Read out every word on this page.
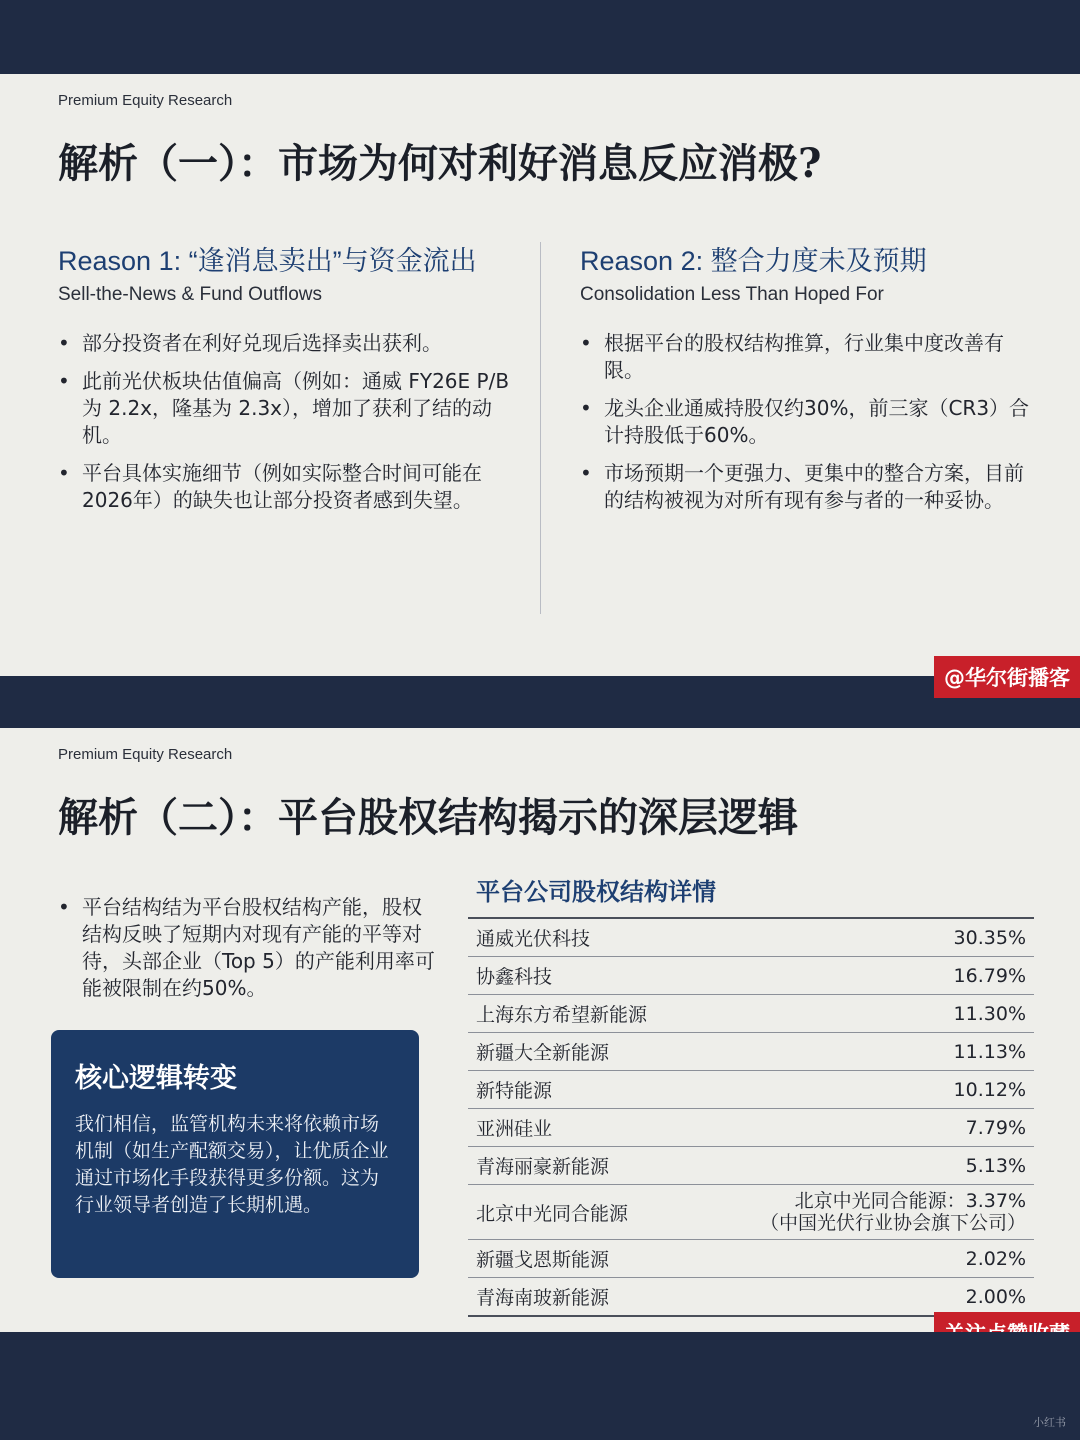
Premium Equity Research
解析（一）：市场为何对利好消息反应消极?
Reason 1: “逢消息卖出”与资金流出
Sell-the-News & Fund Outflows
• 部分投资者在利好兑现后选择卖出获利。
• 此前光伏板块估值偏高（例如：通威 FY26E P/B 为 2.2x，隆基为 2.3x），增加了获利了结的动机。
• 平台具体实施细节（例如实际整合时间可能在2026年）的缺失也让部分投资者感到失望。
Reason 2: 整合力度未及预期
Consolidation Less Than Hoped For
• 根据平台的股权结构推算，行业集中度改善有限。
• 龙头企业通威持股仅约30%，前三家（CR3）合计持股低于60%。
• 市场预期一个更强力、更集中的整合方案，目前的结构被视为对所有现有参与者的一种妥协。
@华尔街播客
Premium Equity Research
解析（二）：平台股权结构揭示的深层逻辑
• 平台结构结为平台股权结构产能，股权结构反映了短期内对现有产能的平等对待，头部企业（Top 5）的产能利用率可能被限制在约50%。
核心逻辑转变
我们相信，监管机构未来将依赖市场机制（如生产配额交易），让优质企业通过市场化手段获得更多份额。这为行业领导者创造了长期机遇。
平台公司股权结构详情
通威光伏科技	30.35%
协鑫科技	16.79%
上海东方希望新能源	11.30%
新疆大全新能源	11.13%
新特能源	10.12%
亚洲硅业	7.79%
青海丽豪新能源	5.13%
北京中光同合能源	北京中光同合能源：3.37%
（中国光伏行业协会旗下公司）

新疆戈恩斯能源	2.02%
青海南玻新能源	2.00%
小红书
